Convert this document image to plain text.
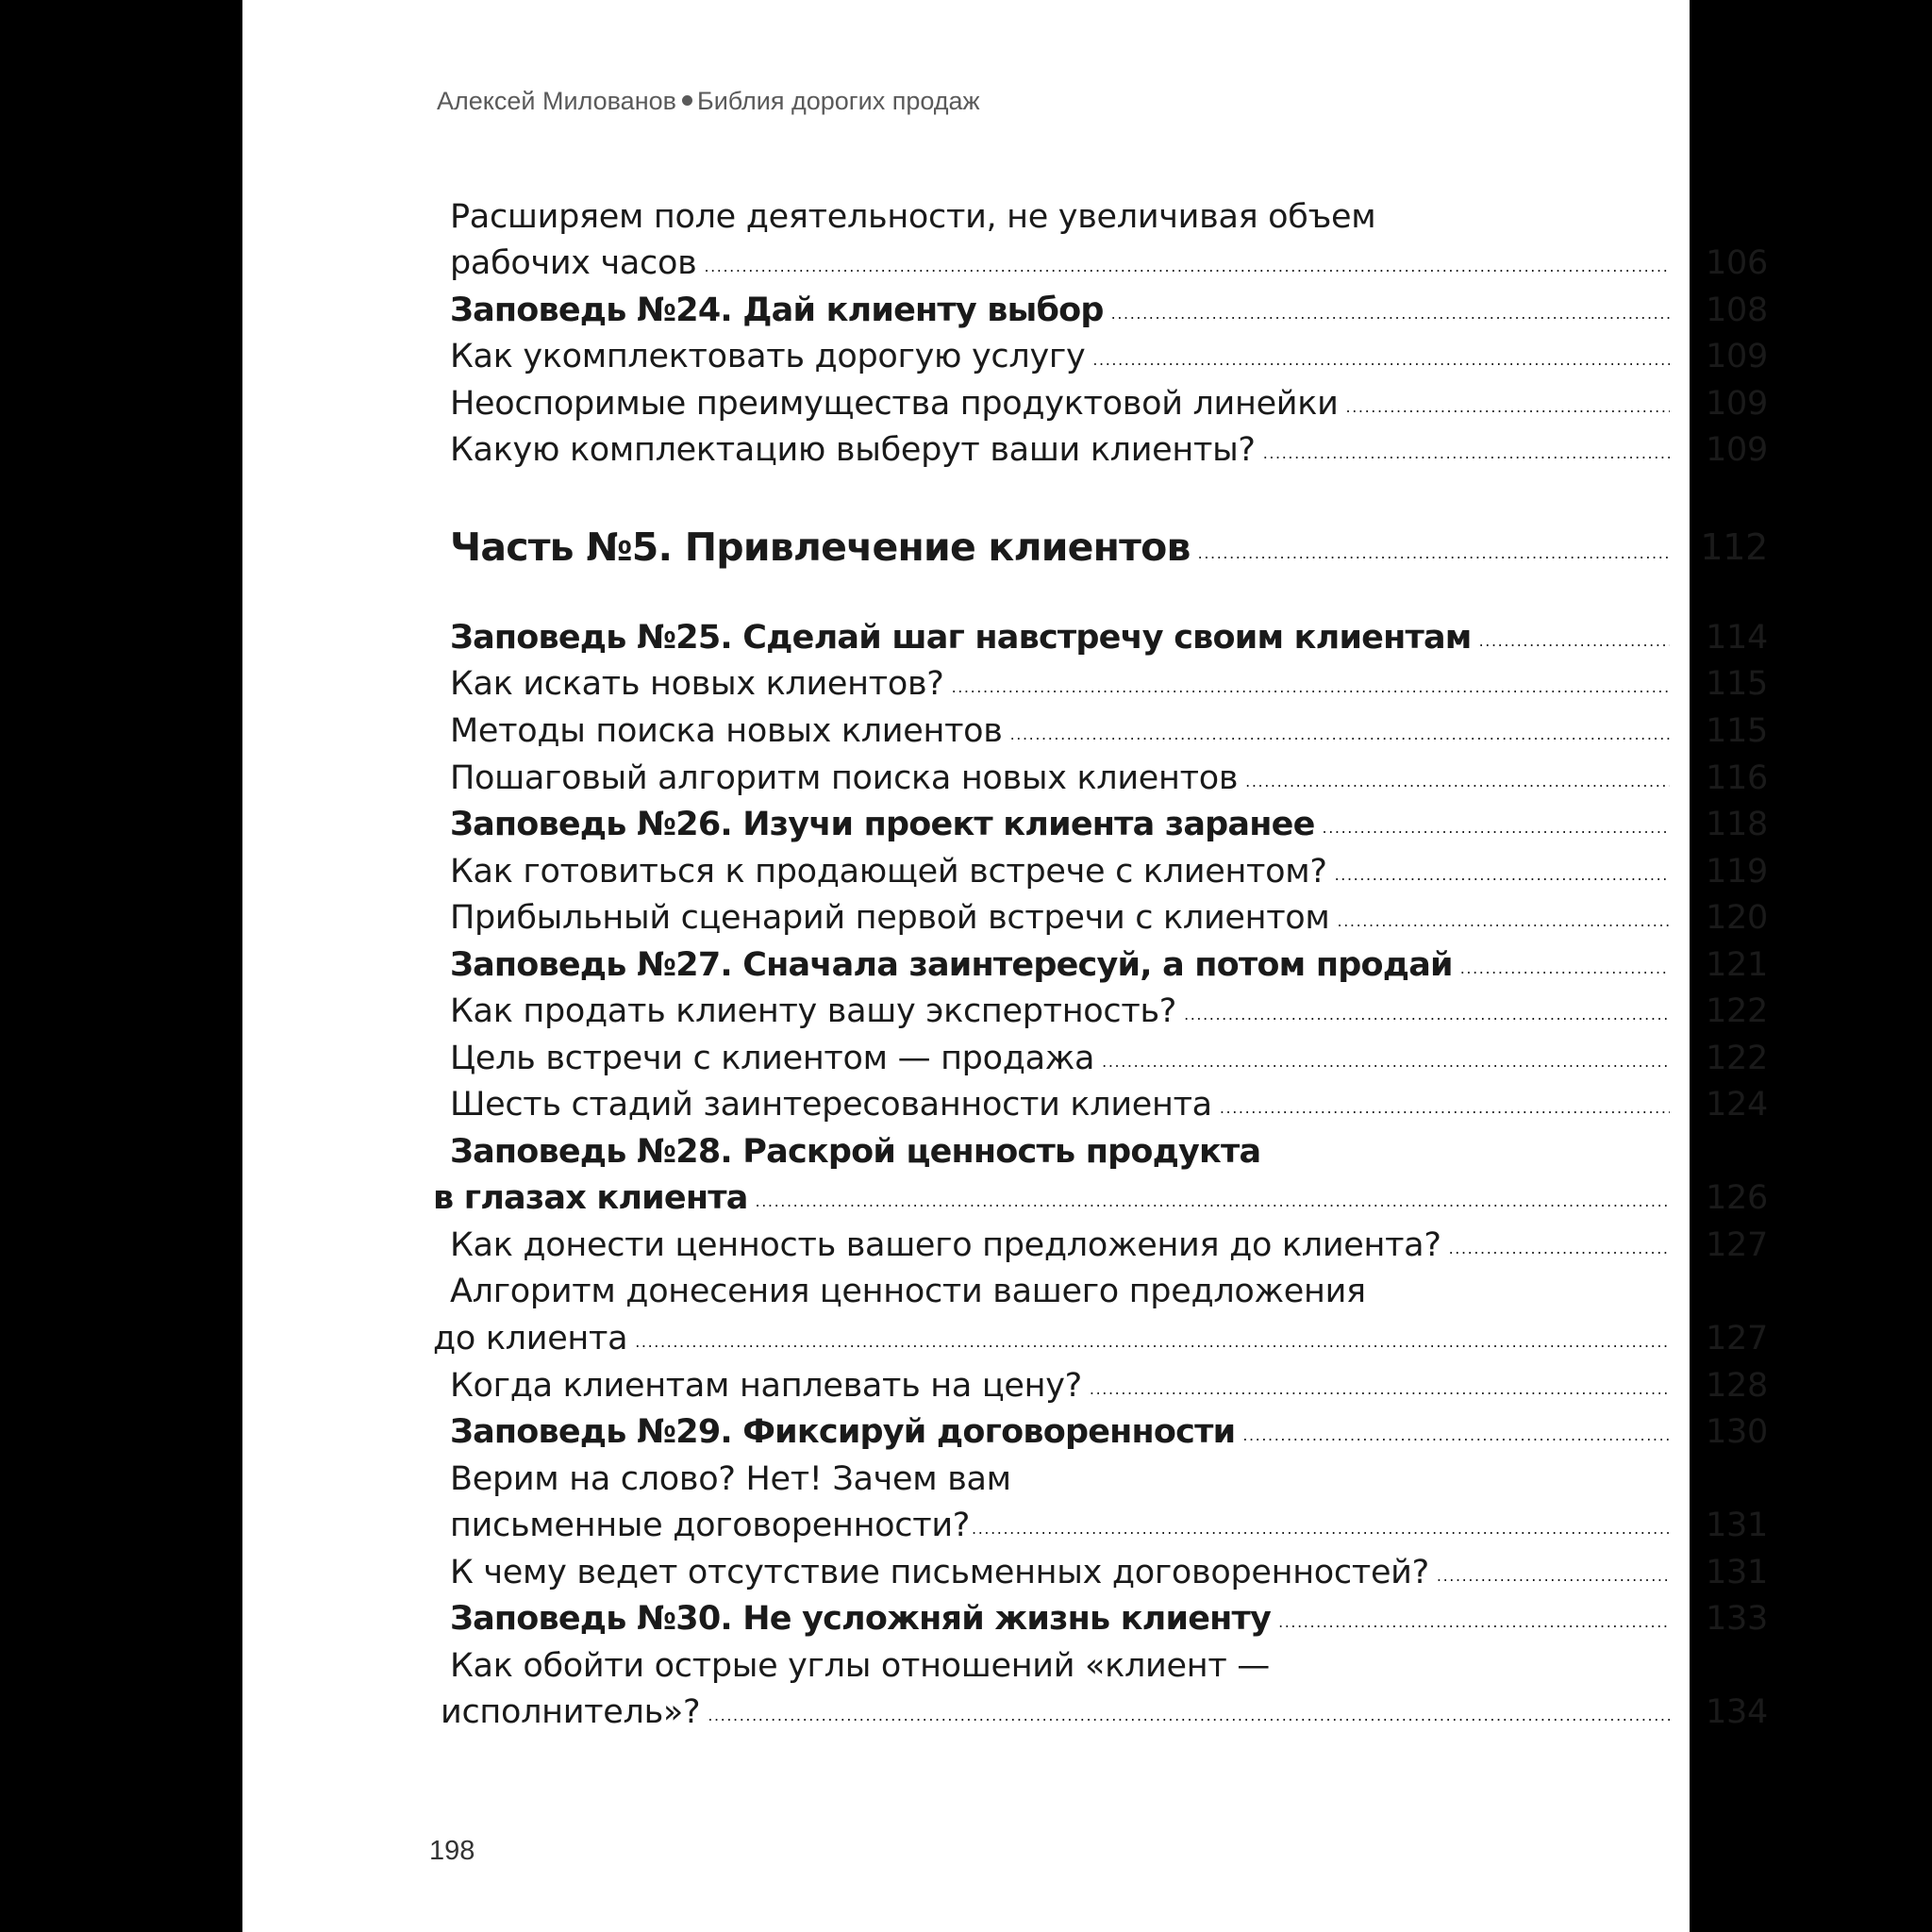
Алексей Милованов Библия дорогих продаж
Расширяем поле деятельности, не увеличивая объем
рабочих часов .....	106
Заповедь №24. Дай клиенту выбор .....	108
Как укомплектовать дорогую услугу .....	109
Неоспоримые преимущества продуктовой линейки .....	109
Какую комплектацию выберут ваши клиенты? .....	109
Часть №5. Привлечение клиентов .....	112
Заповедь №25. Сделай шаг навстречу своим клиентам .....	114
Как искать новых клиентов? .....	115
Методы поиска новых клиентов .....	115
Пошаговый алгоритм поиска новых клиентов .....	116
Заповедь №26. Изучи проект клиента заранее .....	118
Как готовиться к продающей встрече с клиентом? .....	119
Прибыльный сценарий первой встречи с клиентом .....	120
Заповедь №27. Сначала заинтересуй, а потом продай .....	121
Как продать клиенту вашу экспертность? .....	122
Цель встречи с клиентом — продажа .....	122
Шесть стадий заинтересованности клиента .....	124
Заповедь №28. Раскрой ценность продукта
в глазах клиента .....	126
Как донести ценность вашего предложения до клиента? .....	127
Алгоритм донесения ценности вашего предложения
до клиента .....	127
Когда клиентам наплевать на цену? .....	128
Заповедь №29. Фиксируй договоренности .....	130
Верим на слово? Нет! Зачем вам
письменные договоренности? .....	131
К чему ведет отсутствие письменных договоренностей? .....	131
Заповедь №30. Не усложняй жизнь клиенту .....	133
Как обойти острые углы отношений «клиент —
исполнитель»? .....	134
198
